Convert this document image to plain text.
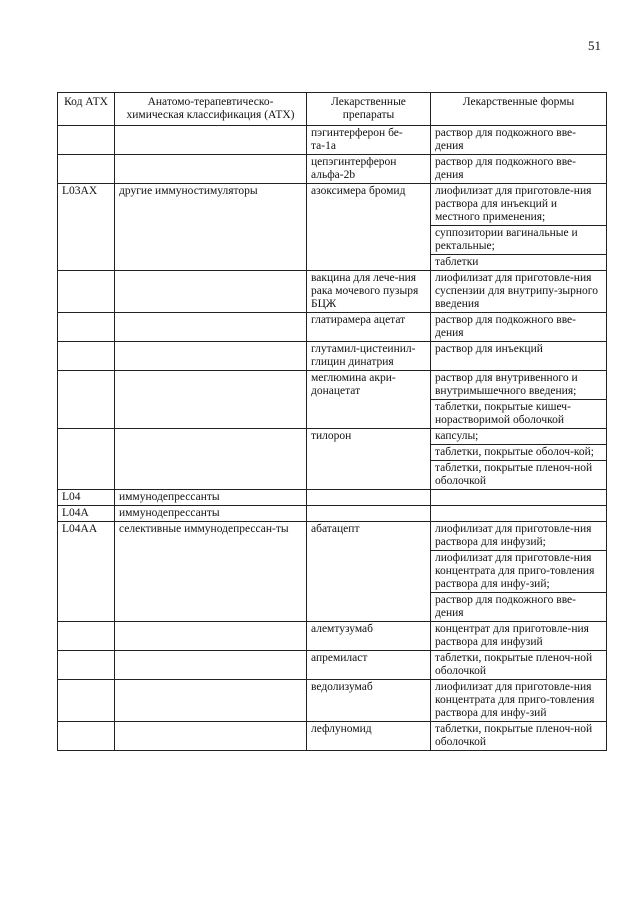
51
Код АТХ	Анатомо-терапевтическо-химическая классификация (АТХ)	Лекарственные препараты	Лекарственные формы
		пэгинтерферон бе-та-1а	раствор для подкожного вве-дения

		цепэгинтерферон альфа-2b	раствор для подкожного вве-дения

L03AX	другие иммуностимуляторы	азоксимера бромид	лиофилизат для приготовле-ния раствора для инъекций и местного применения;
суппозитории вагинальные и ректальные;
таблетки

		вакцина для лече-ния рака мочевого пузыря БЦЖ	лиофилизат для приготовле-ния суспензии для внутрипу-зырного введения

		глатирамера ацетат	раствор для подкожного вве-дения

		глутамил-цистеинил-глицин динатрия	раствор для инъекций

		меглюмина акри-донацетат	раствор для внутривенного и внутримышечного введения;
таблетки, покрытые кишеч-норастворимой оболочкой

		тилорон	капсулы;
таблетки, покрытые оболоч-кой;
таблетки, покрытые пленоч-ной оболочкой

L04	иммунодепрессанты		

L04A	иммунодепрессанты		

L04AA	селективные иммунодепрессан-ты	абатацепт	лиофилизат для приготовле-ния раствора для инфузий;
лиофилизат для приготовле-ния концентрата для приго-товления раствора для инфу-зий;
раствор для подкожного вве-дения

		алемтузумаб	концентрат для приготовле-ния раствора для инфузий

		апремиласт	таблетки, покрытые пленоч-ной оболочкой

		ведолизумаб	лиофилизат для приготовле-ния концентрата для приго-товления раствора для инфу-зий

		лефлуномид	таблетки, покрытые пленоч-ной оболочкой
